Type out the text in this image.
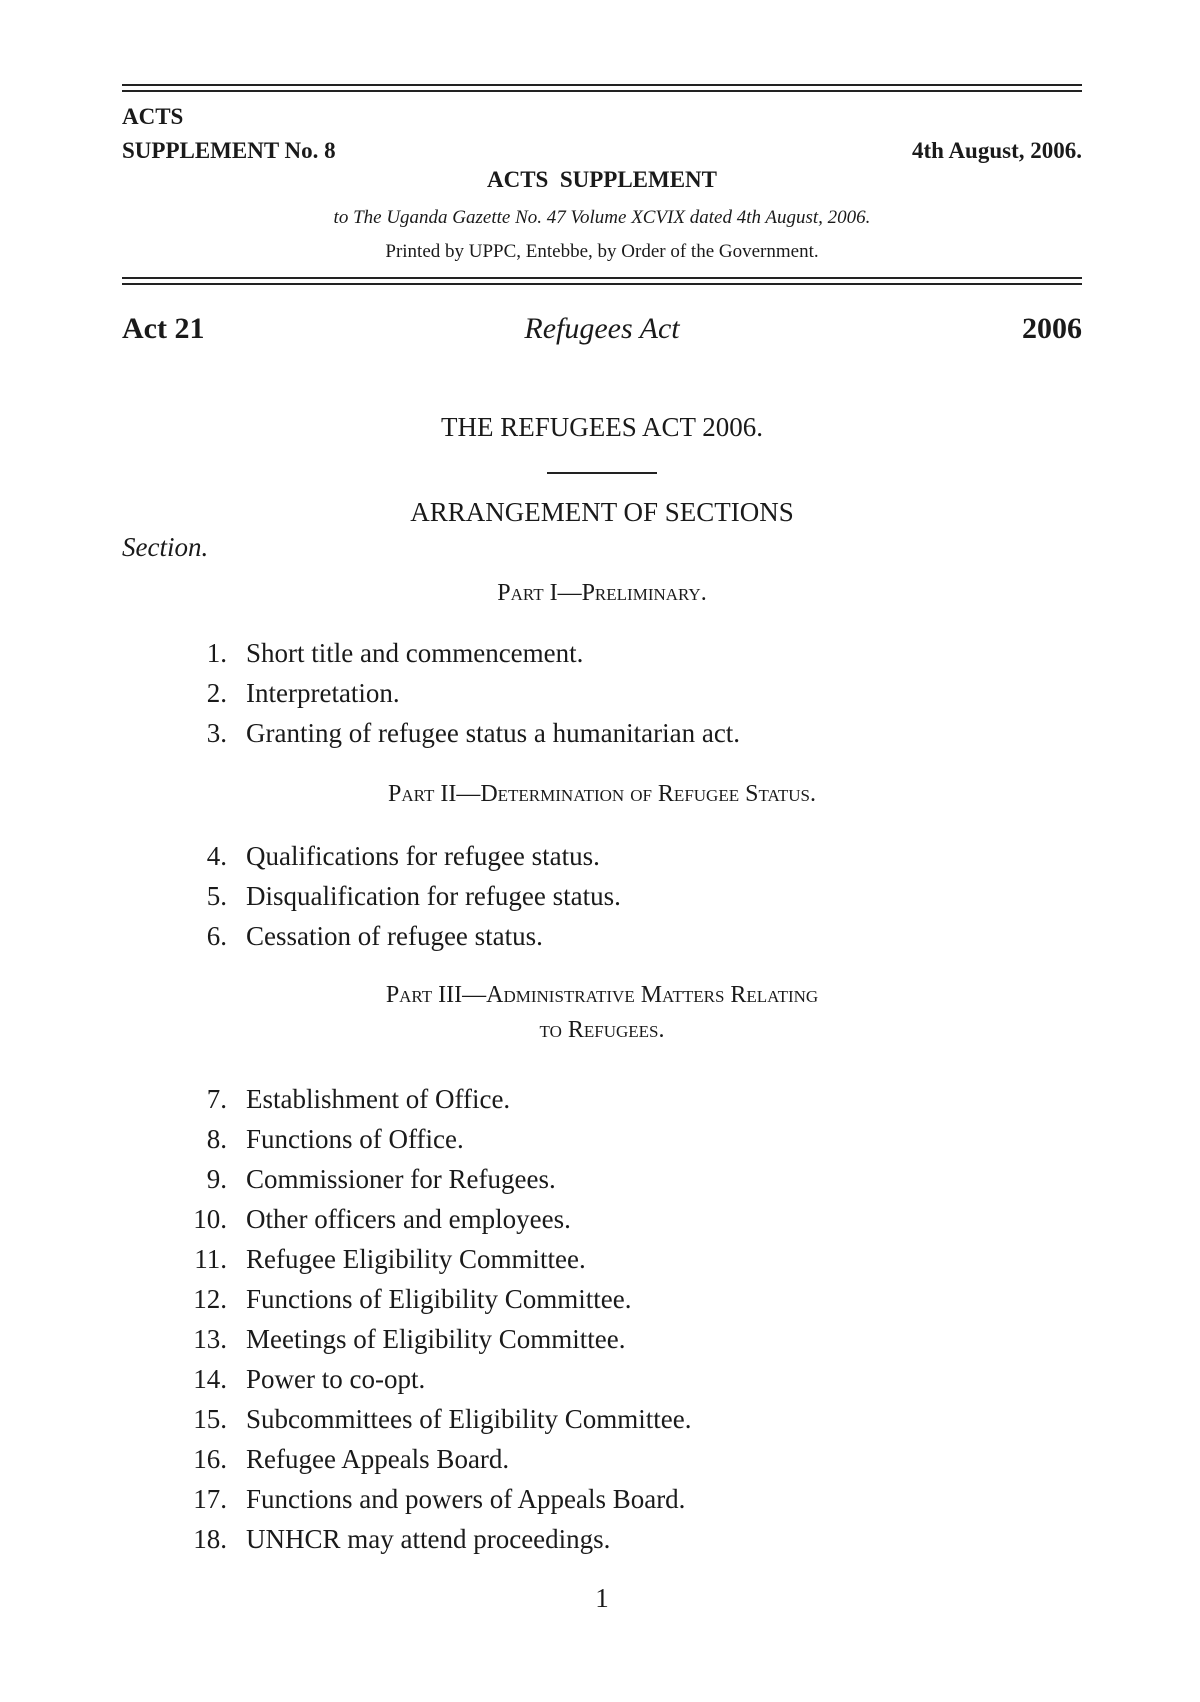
ACTS
SUPPLEMENT No. 8	4th August, 2006.
ACTS  SUPPLEMENT
to The Uganda Gazette No. 47 Volume XCVIX dated 4th August, 2006.
Printed by UPPC, Entebbe, by Order of the Government.
Act 21	Refugees Act	2006
THE REFUGEES ACT 2006.
ARRANGEMENT OF SECTIONS
Section.
Part I—Preliminary.
1. Short title and commencement.
2. Interpretation.
3. Granting of refugee status a humanitarian act.
Part II—Determination of Refugee Status.
4. Qualifications for refugee status.
5. Disqualification for refugee status.
6. Cessation of refugee status.
Part III—Administrative Matters Relating
to Refugees.
7. Establishment of Office.
8. Functions of Office.
9. Commissioner for Refugees.
10. Other officers and employees.
11. Refugee Eligibility Committee.
12. Functions of Eligibility Committee.
13. Meetings of Eligibility Committee.
14. Power to co-opt.
15. Subcommittees of Eligibility Committee.
16. Refugee Appeals Board.
17. Functions and powers of Appeals Board.
18. UNHCR may attend proceedings.
1
